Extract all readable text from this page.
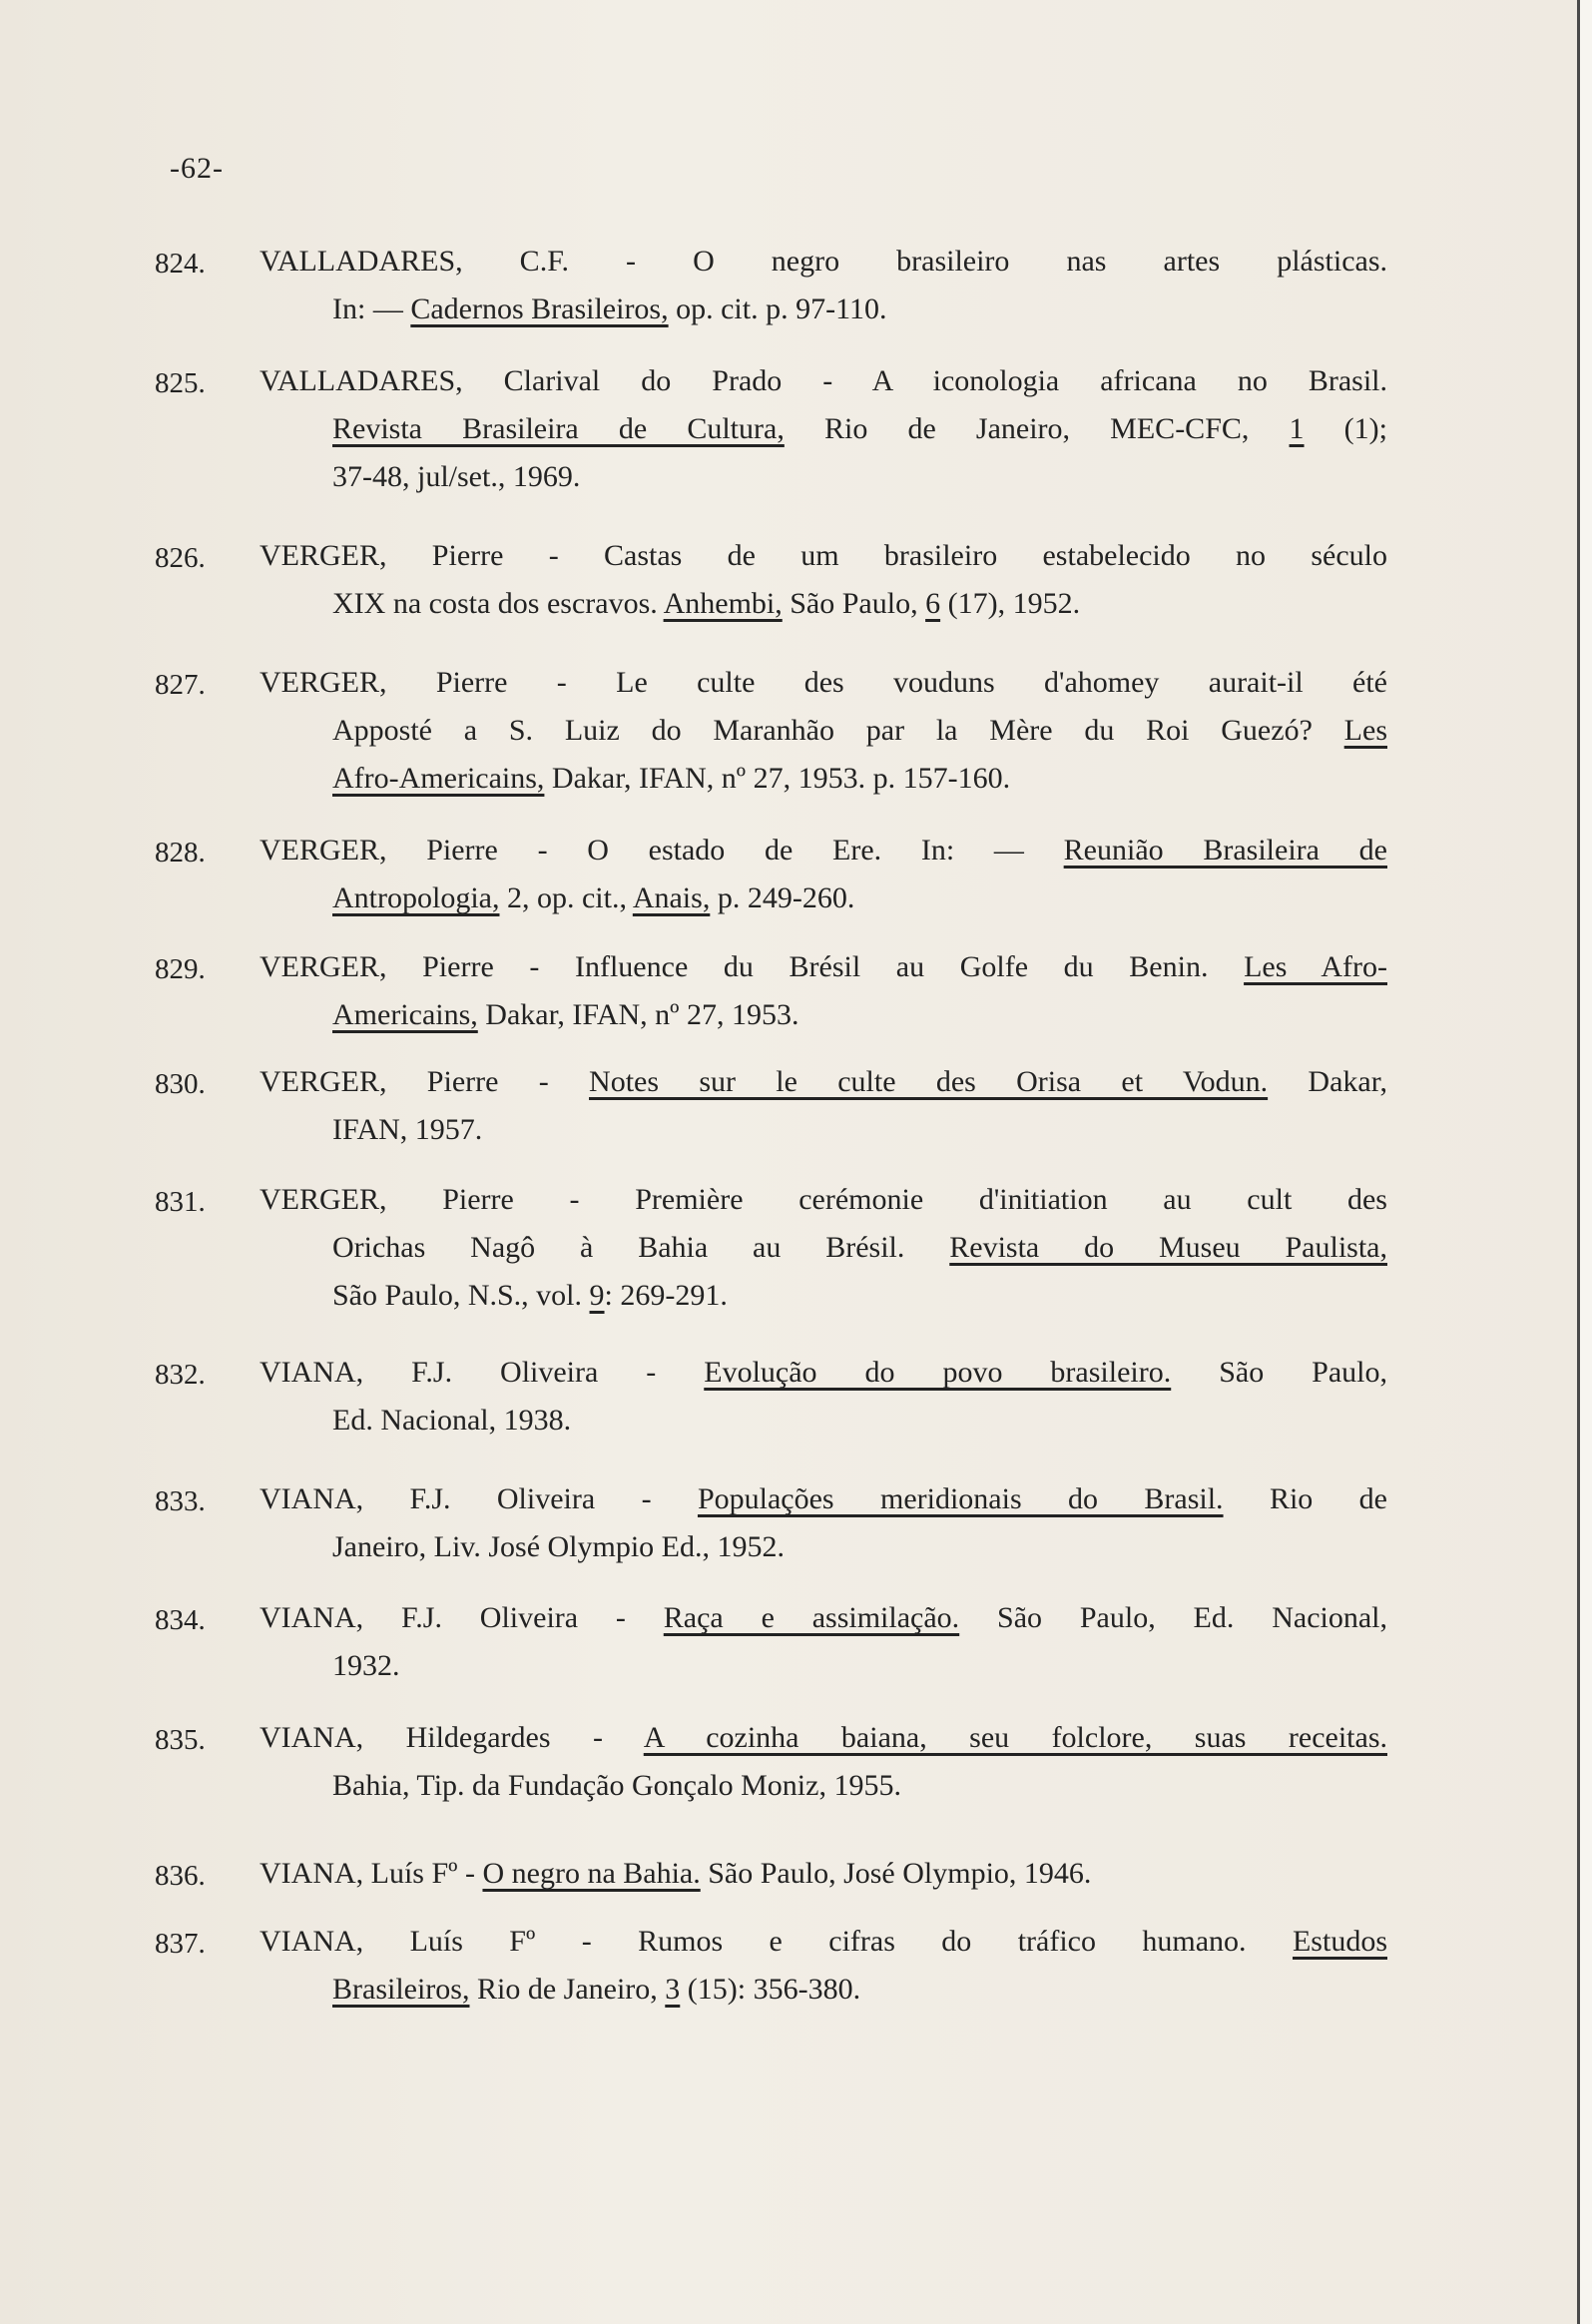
-62-
824.	VALLADARES, C.F. - O negro brasileiro nas artes plásticas.
In: — Cadernos Brasileiros, op. cit. p. 97-110.
825.	VALLADARES, Clarival do Prado - A iconologia africana no Brasil.
Revista Brasileira de Cultura, Rio de Janeiro, MEC-CFC, 1 (1);
37-48, jul/set., 1969.
826.	VERGER, Pierre - Castas de um brasileiro estabelecido no século
XIX na costa dos escravos. Anhembi, São Paulo, 6 (17), 1952.
827.	VERGER, Pierre - Le culte des vouduns d'ahomey aurait-il été
Apposté a S. Luiz do Maranhão par la Mère du Roi Guezó? Les
Afro-Americains, Dakar, IFAN, nº 27, 1953. p. 157-160.
828.	VERGER, Pierre - O estado de Ere. In: — Reunião Brasileira de
Antropologia, 2, op. cit., Anais, p. 249-260.
829.	VERGER, Pierre - Influence du Brésil au Golfe du Benin. Les Afro-
Americains, Dakar, IFAN, nº 27, 1953.
830.	VERGER, Pierre - Notes sur le culte des Orisa et Vodun. Dakar,
IFAN, 1957.
831.	VERGER, Pierre - Première cerémonie d'initiation au cult des
Orichas Nagô à Bahia au Brésil. Revista do Museu Paulista,
São Paulo, N.S., vol. 9: 269-291.
832.	VIANA, F.J. Oliveira - Evolução do povo brasileiro. São Paulo,
Ed. Nacional, 1938.
833.	VIANA, F.J. Oliveira - Populações meridionais do Brasil. Rio de
Janeiro, Liv. José Olympio Ed., 1952.
834.	VIANA, F.J. Oliveira - Raça e assimilação. São Paulo, Ed. Nacional,
1932.
835.	VIANA, Hildegardes - A cozinha baiana, seu folclore, suas receitas.
Bahia, Tip. da Fundação Gonçalo Moniz, 1955.
836.	VIANA, Luís Fº - O negro na Bahia. São Paulo, José Olympio, 1946.
837.	VIANA, Luís Fº - Rumos e cifras do tráfico humano. Estudos
Brasileiros, Rio de Janeiro, 3 (15): 356-380.
